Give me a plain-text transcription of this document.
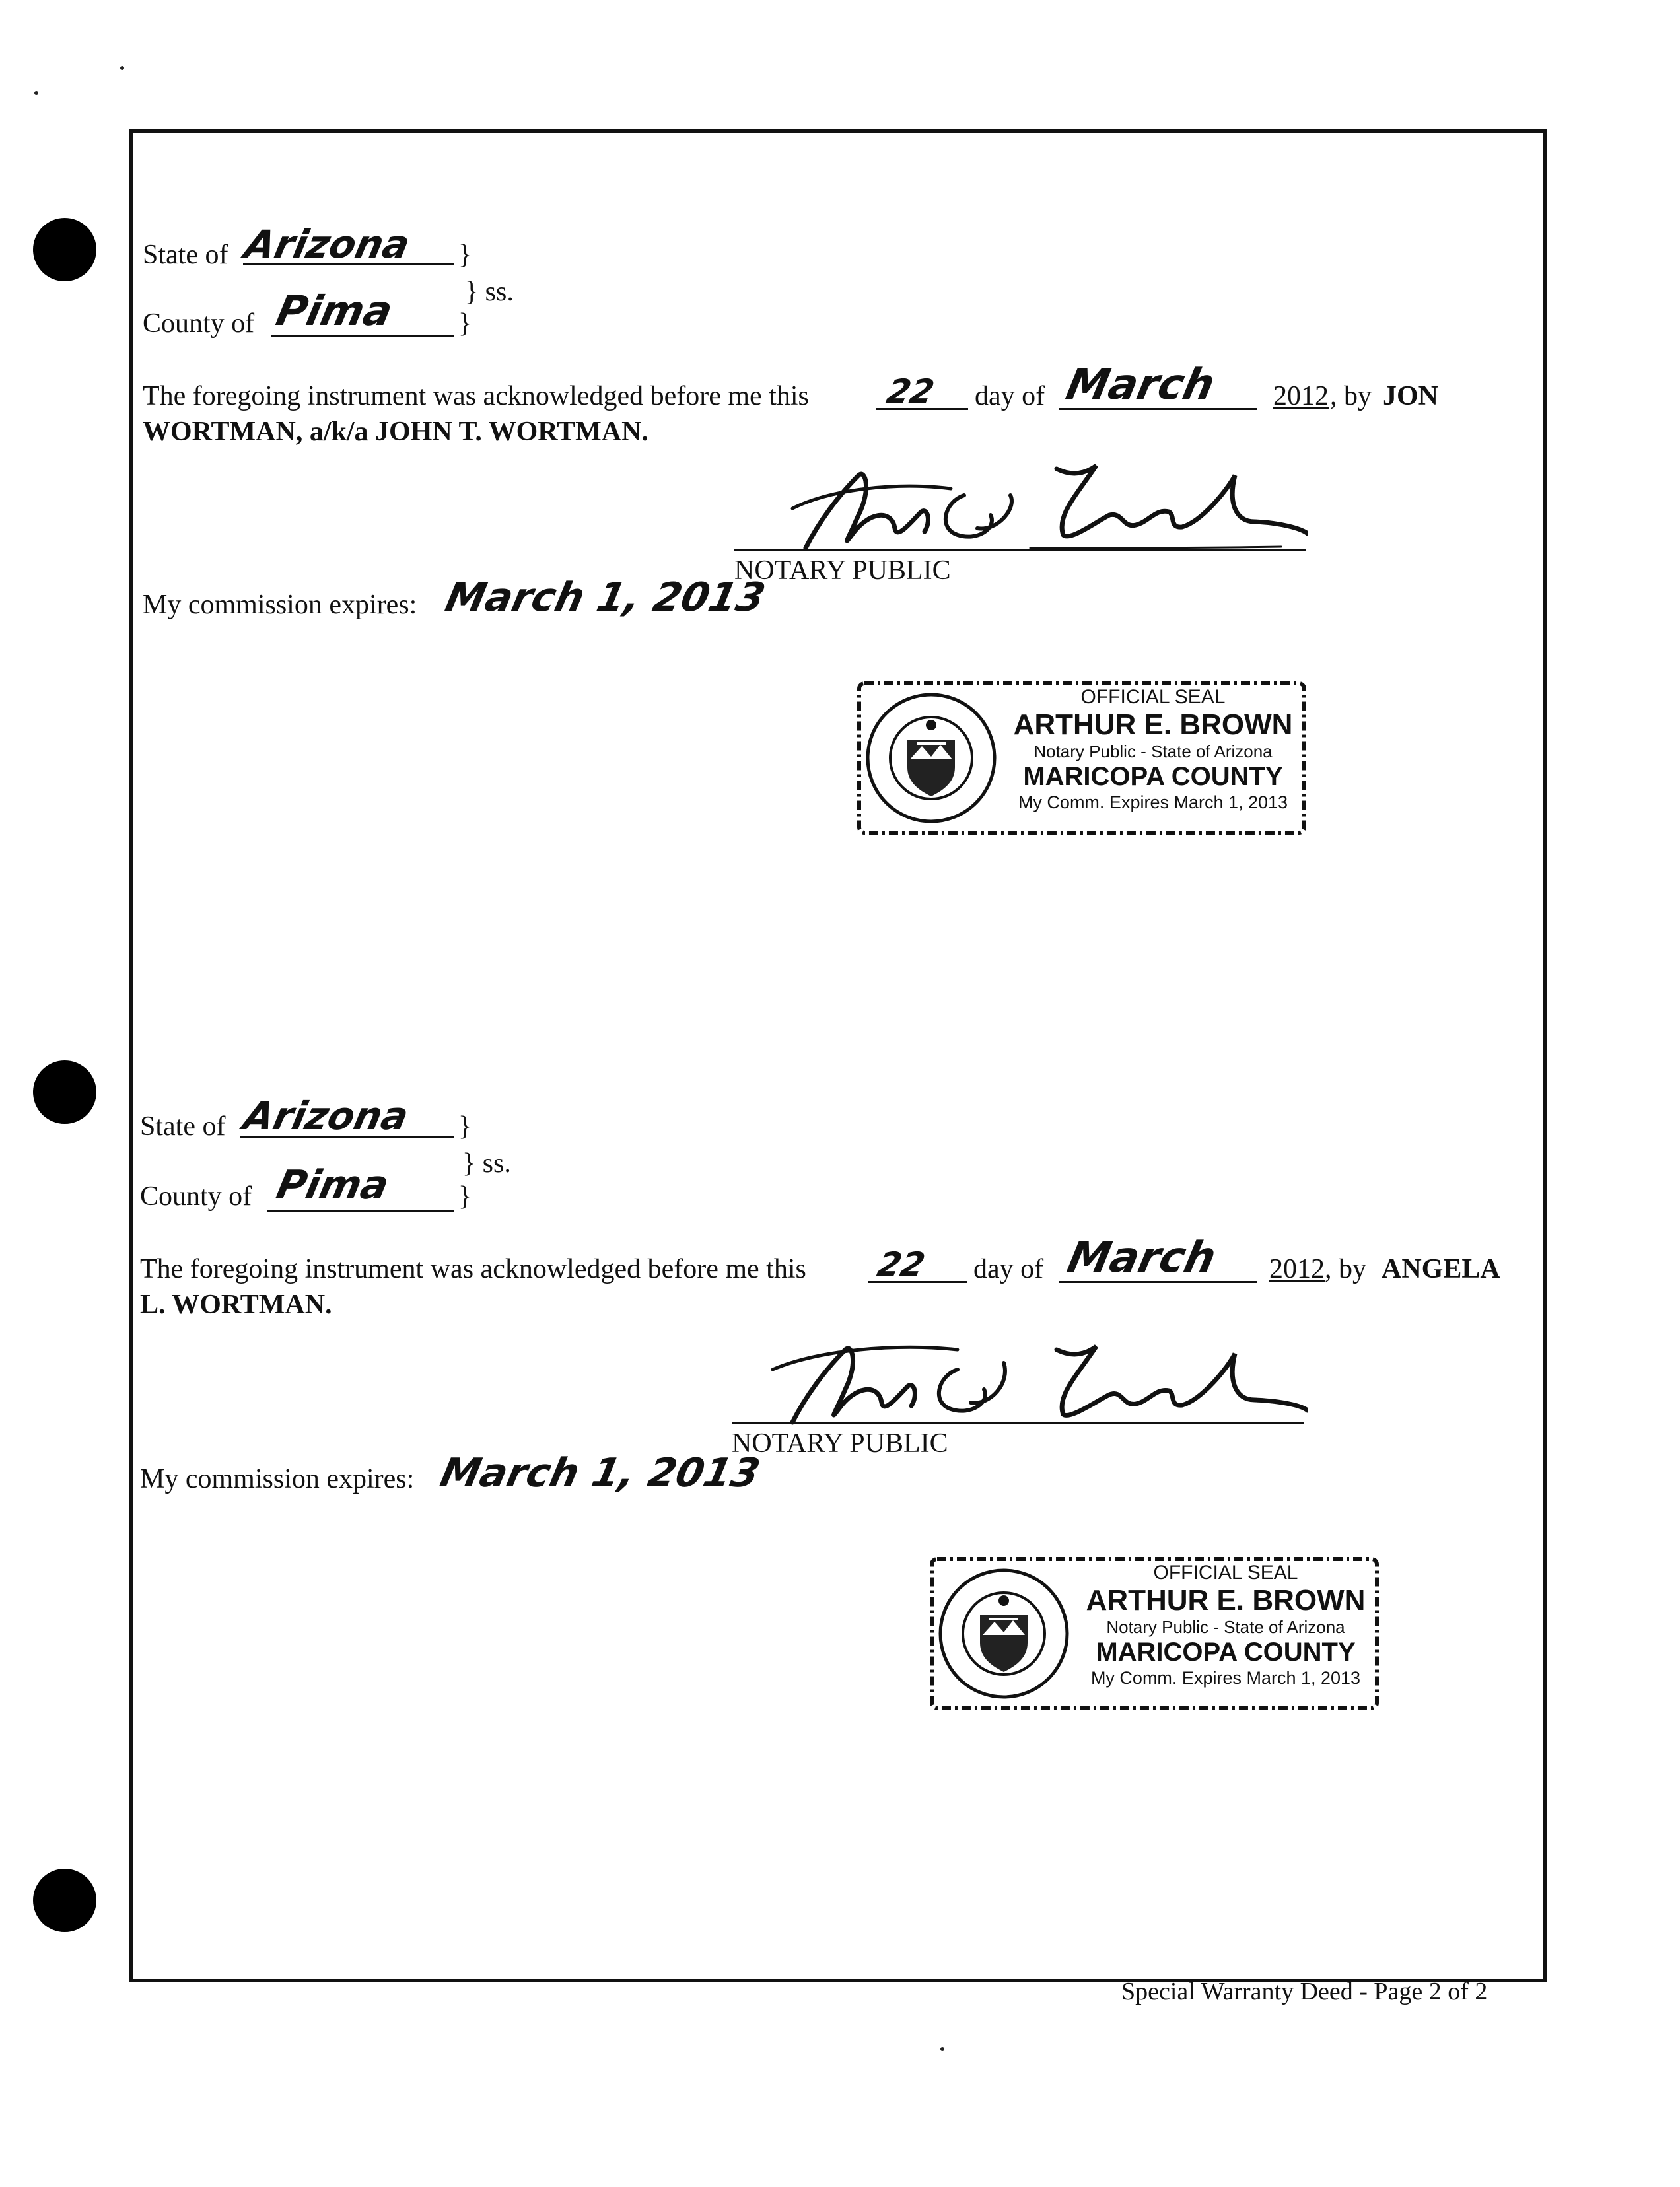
State of Arizona }
} ss.
County of Pima }
The foregoing instrument was acknowledged before me this 22 day of March 2012 , by JON
WORTMAN, a/k/a JOHN T. WORTMAN.
NOTARY PUBLIC
My commission expires: March 1, 2013
OFFICIAL SEAL
ARTHUR E. BROWN
Notary Public - State of Arizona
MARICOPA COUNTY
My Comm. Expires March 1, 2013
State of Arizona }
} ss.
County of Pima }
The foregoing instrument was acknowledged before me this 22 day of March 2012 , by ANGELA
L. WORTMAN.
NOTARY PUBLIC
My commission expires: March 1, 2013
OFFICIAL SEAL
ARTHUR E. BROWN
Notary Public - State of Arizona
MARICOPA COUNTY
My Comm. Expires March 1, 2013
Special Warranty Deed - Page 2 of 2
